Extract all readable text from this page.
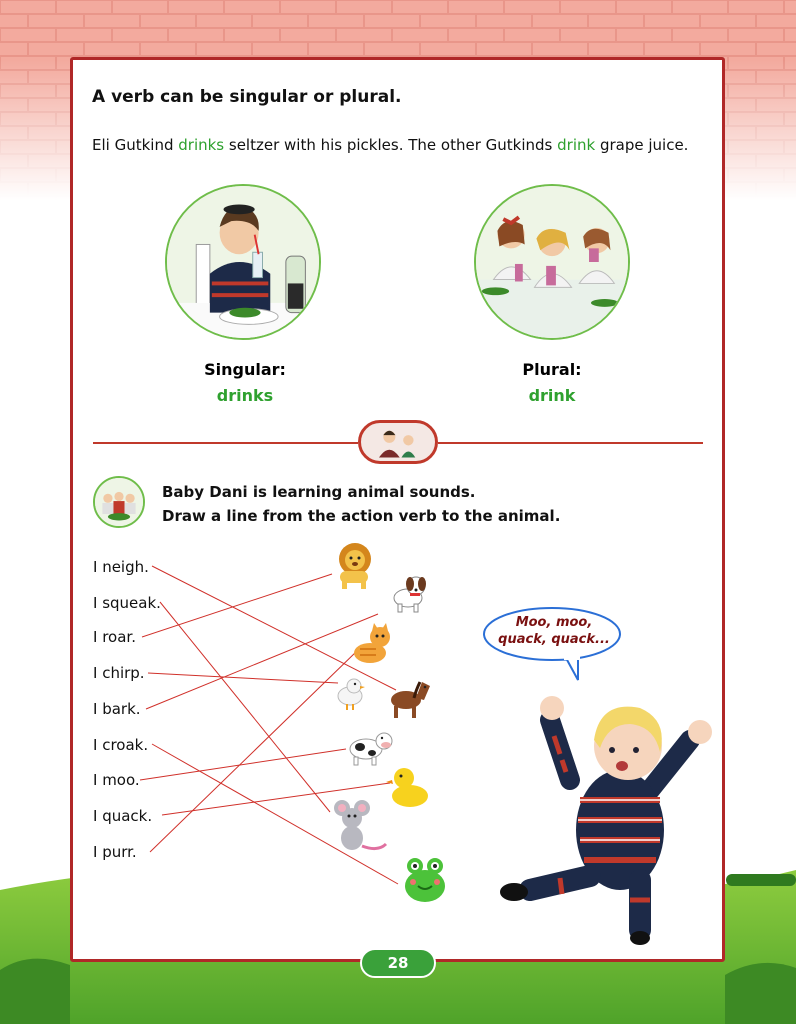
A verb can be singular or plural.
Eli Gutkind drinks seltzer with his pickles. The other Gutkinds drink grape juice.
Singular:
drinks
Plural:
drink
Baby Dani is learning animal sounds.
Draw a line from the action verb to the animal.
I neigh.
I squeak.
I roar.
I chirp.
I bark.
I croak.
I moo.
I quack.
I purr.
Moo, moo,
quack, quack...
28
